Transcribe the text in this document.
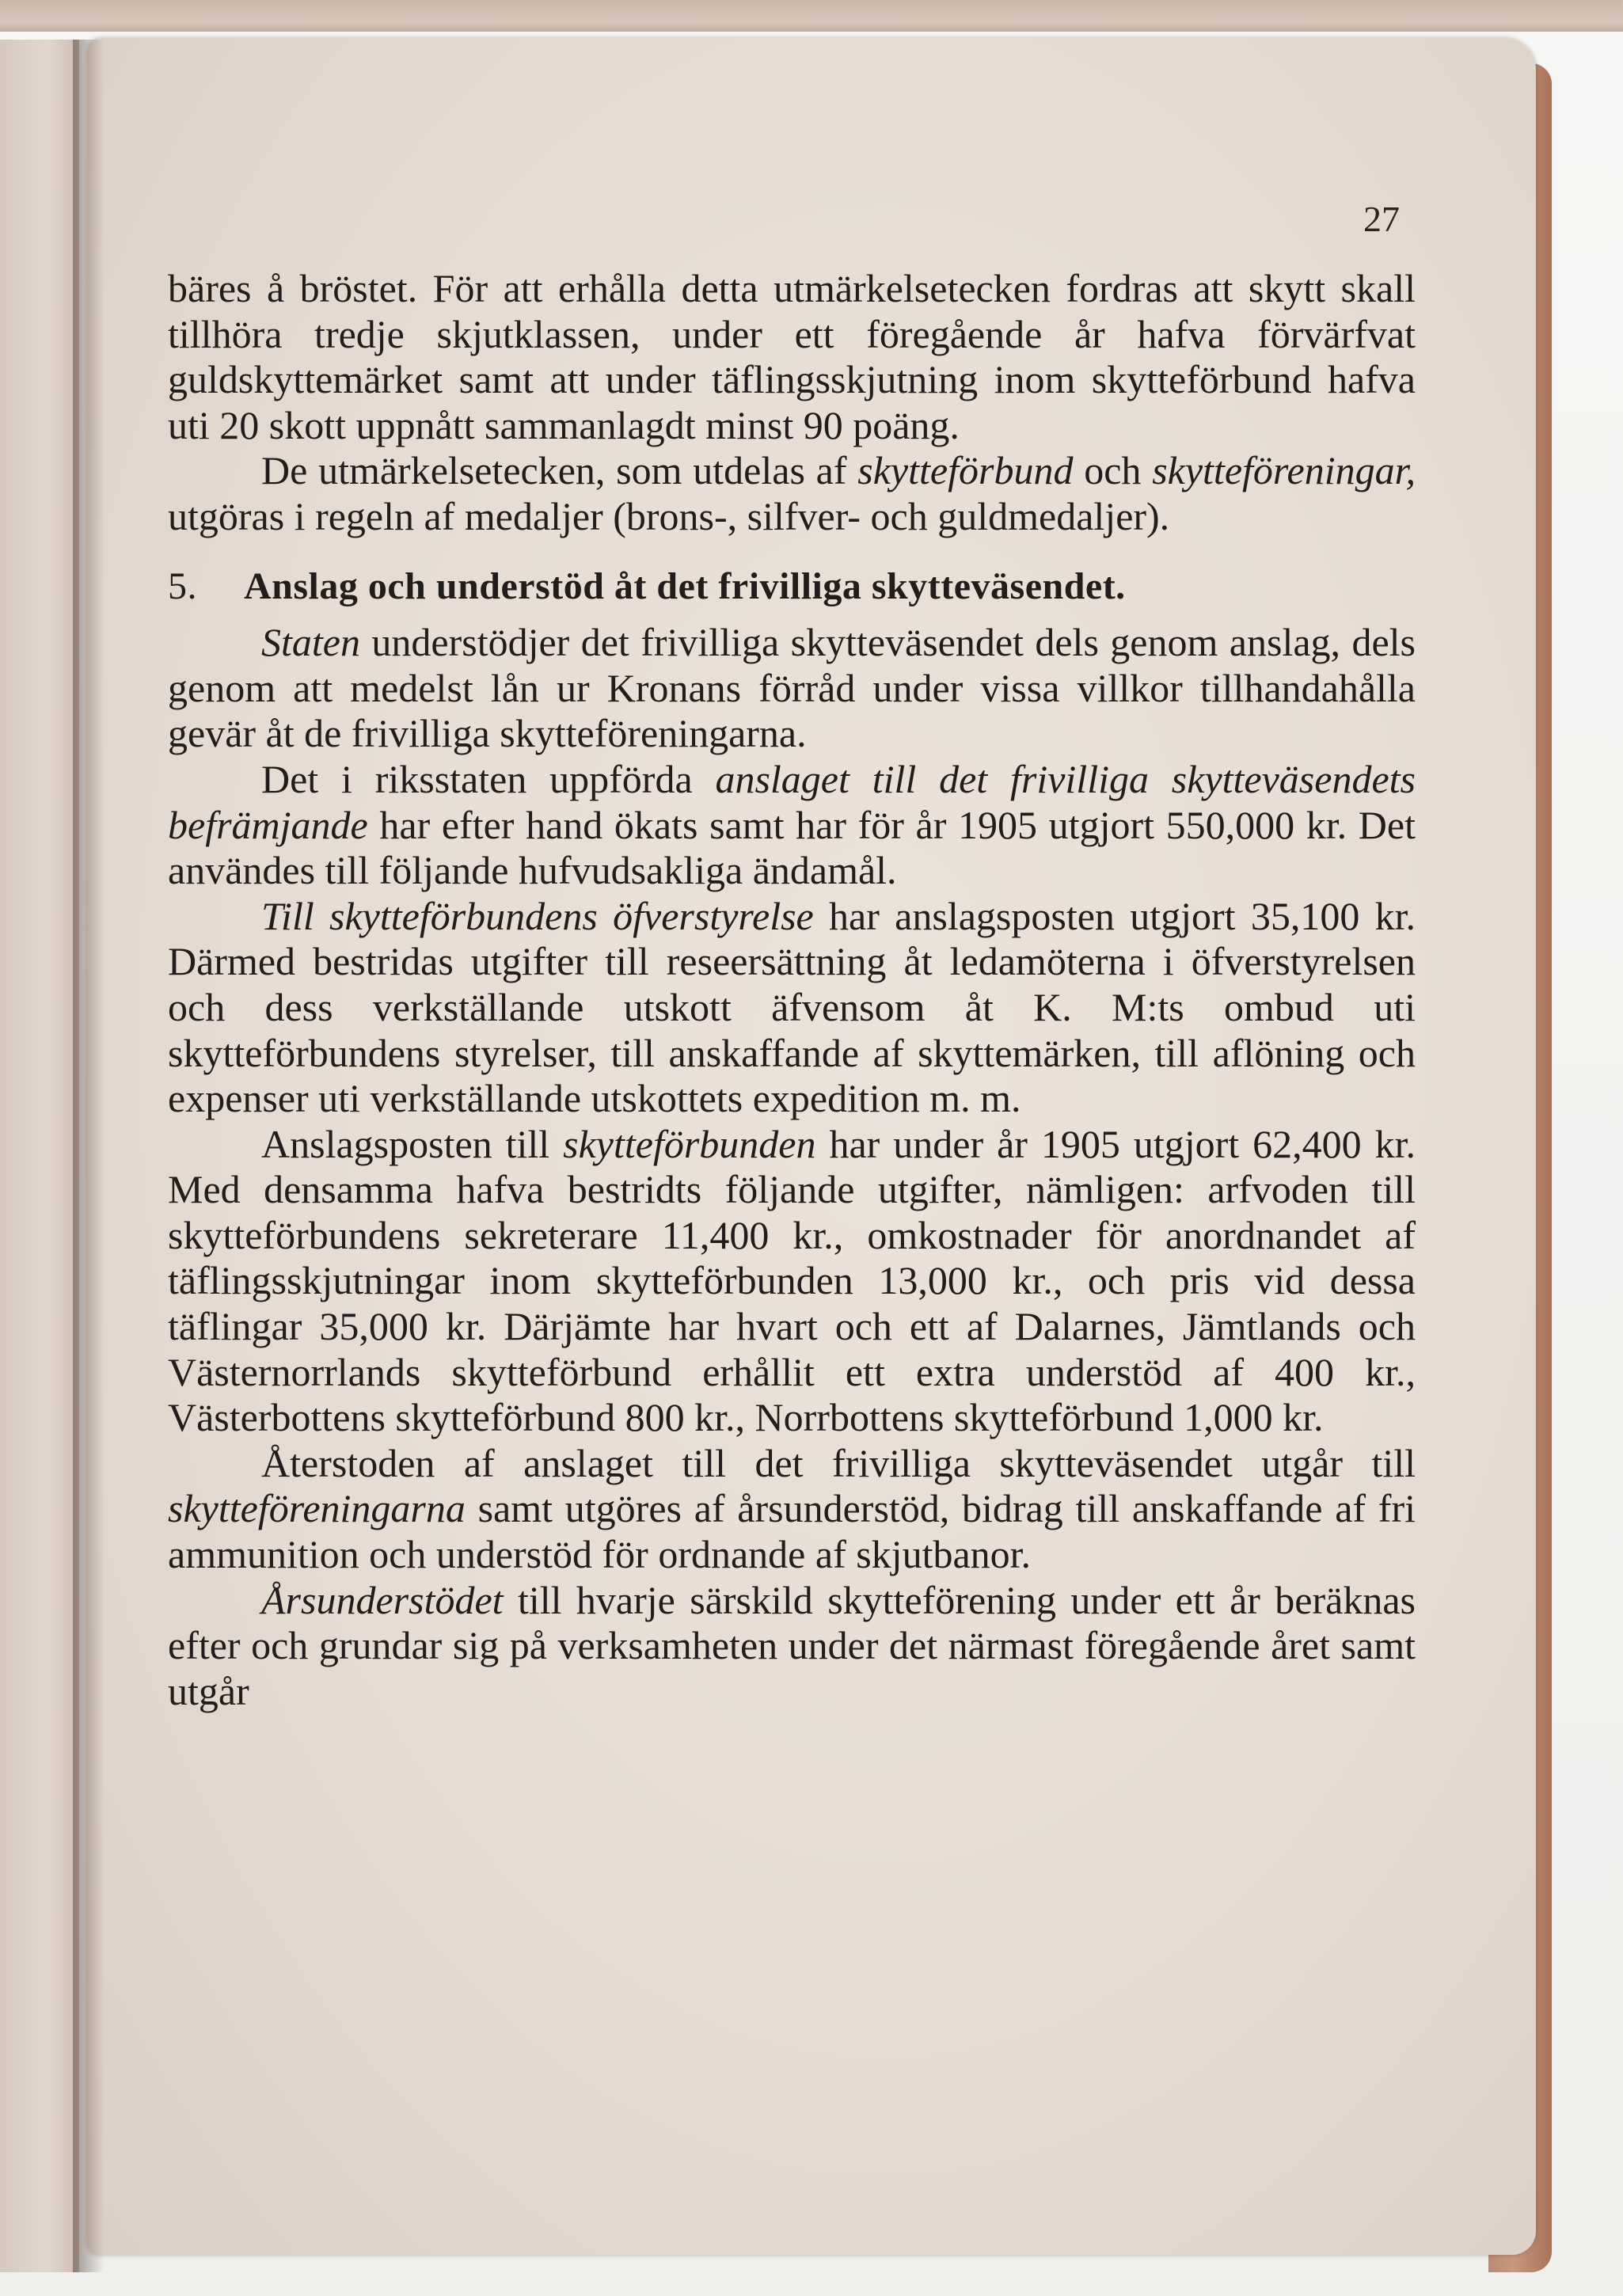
27

bäres å bröstet. För att erhålla detta utmärkelsetecken fordras att skytt skall tillhöra tredje skjutklassen, under ett föregående år hafva förvärfvat guldskyttemärket samt att under täflingsskjutning inom skytteförbund hafva uti 20 skott uppnått sammanlagdt minst 90 poäng.

De utmärkelsetecken, som utdelas af skytteförbund och skytteföreningar, utgöras i regeln af medaljer (brons-, silfver- och guldmedaljer).

5. Anslag och understöd åt det frivilliga skytteväsendet.

Staten understödjer det frivilliga skytteväsendet dels genom anslag, dels genom att medelst lån ur Kronans förråd under vissa villkor tillhandahålla gevär åt de frivilliga skytteföreningarna.

Det i riksstaten uppförda anslaget till det frivilliga skytteväsendets befrämjande har efter hand ökats samt har för år 1905 utgjort 550,000 kr. Det användes till följande hufvudsakliga ändamål.

Till skytteförbundens öfverstyrelse har anslagsposten utgjort 35,100 kr. Därmed bestridas utgifter till reseersättning åt ledamöterna i öfverstyrelsen och dess verkställande utskott äfvensom åt K. M:ts ombud uti skytteförbundens styrelser, till anskaffande af skyttemärken, till aflöning och expenser uti verkställande utskottets expedition m. m.

Anslagsposten till skytteförbunden har under år 1905 utgjort 62,400 kr. Med densamma hafva bestridts följande utgifter, nämligen: arfvoden till skytteförbundens sekreterare 11,400 kr., omkostnader för anordnandet af täflingsskjutningar inom skytteförbunden 13,000 kr., och pris vid dessa täflingar 35,000 kr. Därjämte har hvart och ett af Dalarnes, Jämtlands och Västernorrlands skytteförbund erhållit ett extra understöd af 400 kr., Västerbottens skytteförbund 800 kr., Norrbottens skytteförbund 1,000 kr.

Återstoden af anslaget till det frivilliga skytteväsendet utgår till skytteföreningarna samt utgöres af årsunderstöd, bidrag till anskaffande af fri ammunition och understöd för ordnande af skjutbanor.

Årsunderstödet till hvarje särskild skytteförening under ett år beräknas efter och grundar sig på verksamheten under det närmast föregående året samt utgår
